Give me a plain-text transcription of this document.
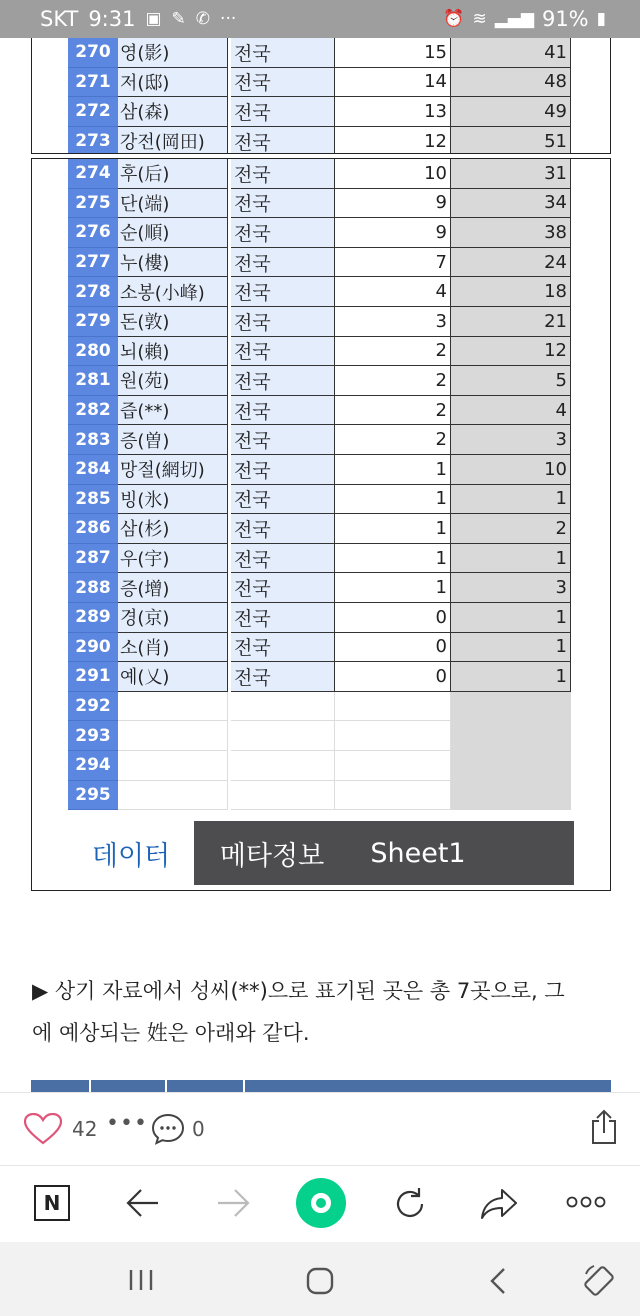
SKT 9:31 ▣ ✎ ✆ ···	⏰ ≋ ▂▄▆ 91% ▮
270 영(影)	전국	15	41
271 저(邸)	전국	14	48
272 삼(森)	전국	13	49
273 강전(岡田)	전국	12	51
274 후(后)	전국	10	31
275 단(端)	전국	9	34
276 순(順)	전국	9	38
277 누(樓)	전국	7	24
278 소봉(小峰)	전국	4	18
279 돈(敦)	전국	3	21
280 뇌(賴)	전국	2	12
281 원(苑)	전국	2	5
282 즙(**)	전국	2	4
283 증(曽)	전국	2	3
284 망절(網切)	전국	1	10
285 빙(氷)	전국	1	1
286 삼(杉)	전국	1	2
287 우(宇)	전국	1	1
288 증(增)	전국	1	3
289 경(京)	전국	0	1
290 소(肖)	전국	0	1
291 예(乂)	전국	0	1
292
293
294
295
데이터	메타정보	Sheet1
▶ 상기 자료에서 성씨(**)으로 표기된 곳은 총 7곳으로, 그
에 예상되는 姓은 아래와 같다.
42 ••• 0
N
